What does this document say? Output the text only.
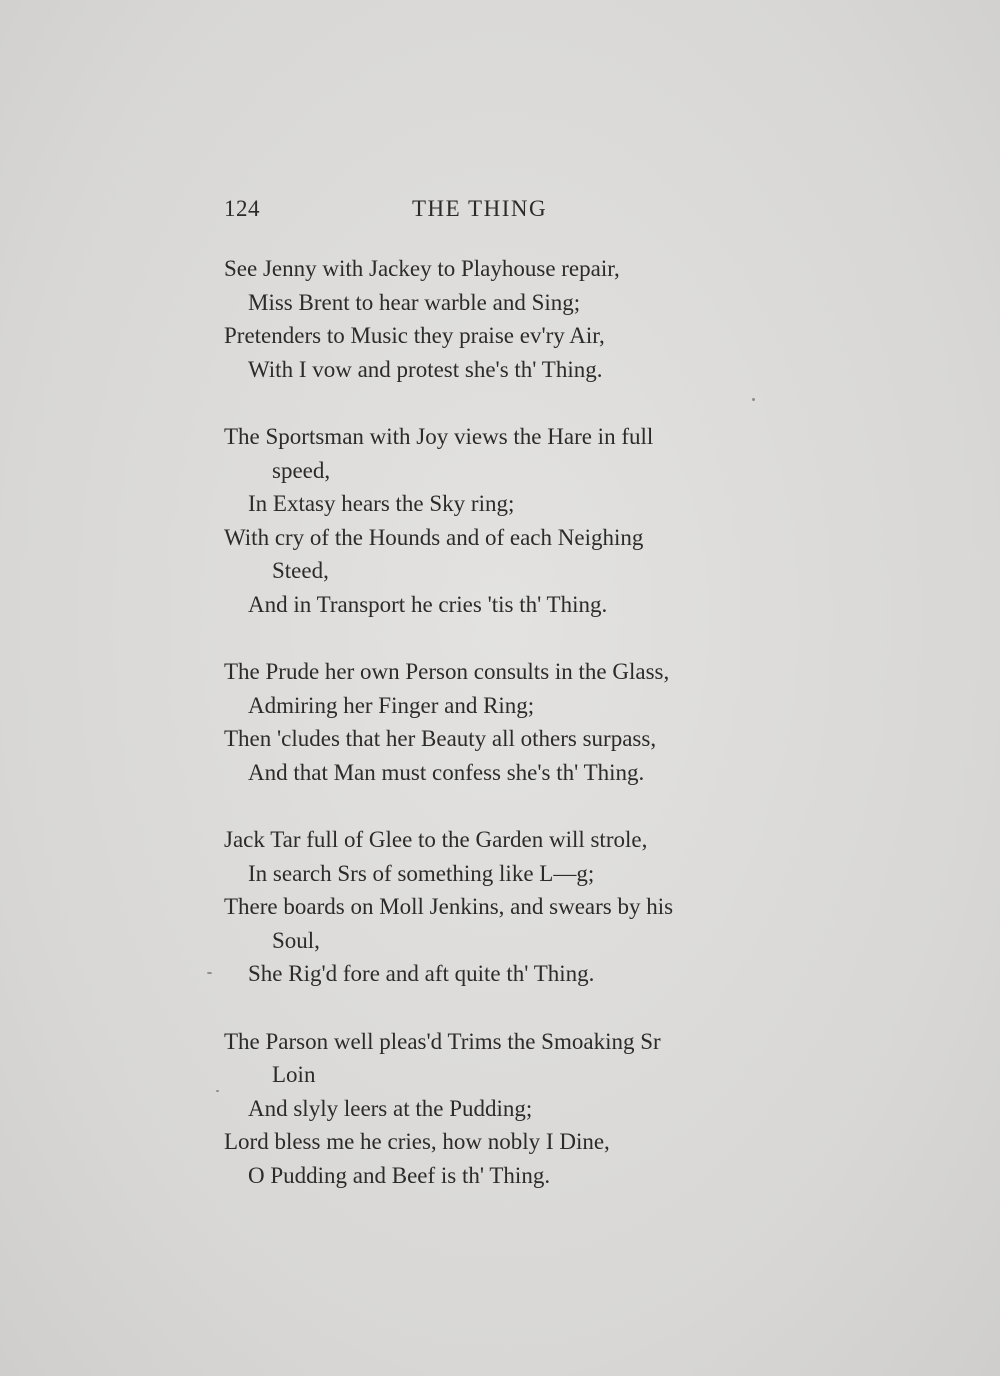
124	THE THING
See Jenny with Jackey to Playhouse repair,
Miss Brent to hear warble and Sing;
Pretenders to Music they praise ev'ry Air,
With I vow and protest she's th' Thing.
The Sportsman with Joy views the Hare in full
speed,
In Extasy hears the Sky ring;
With cry of the Hounds and of each Neighing
Steed,
And in Transport he cries 'tis th' Thing.
The Prude her own Person consults in the Glass,
Admiring her Finger and Ring;
Then 'cludes that her Beauty all others surpass,
And that Man must confess she's th' Thing.
Jack Tar full of Glee to the Garden will strole,
In search Srs of something like L—g;
There boards on Moll Jenkins, and swears by his
Soul,
She Rig'd fore and aft quite th' Thing.
The Parson well pleas'd Trims the Smoaking Sr
Loin
And slyly leers at the Pudding;
Lord bless me he cries, how nobly I Dine,
O Pudding and Beef is th' Thing.
